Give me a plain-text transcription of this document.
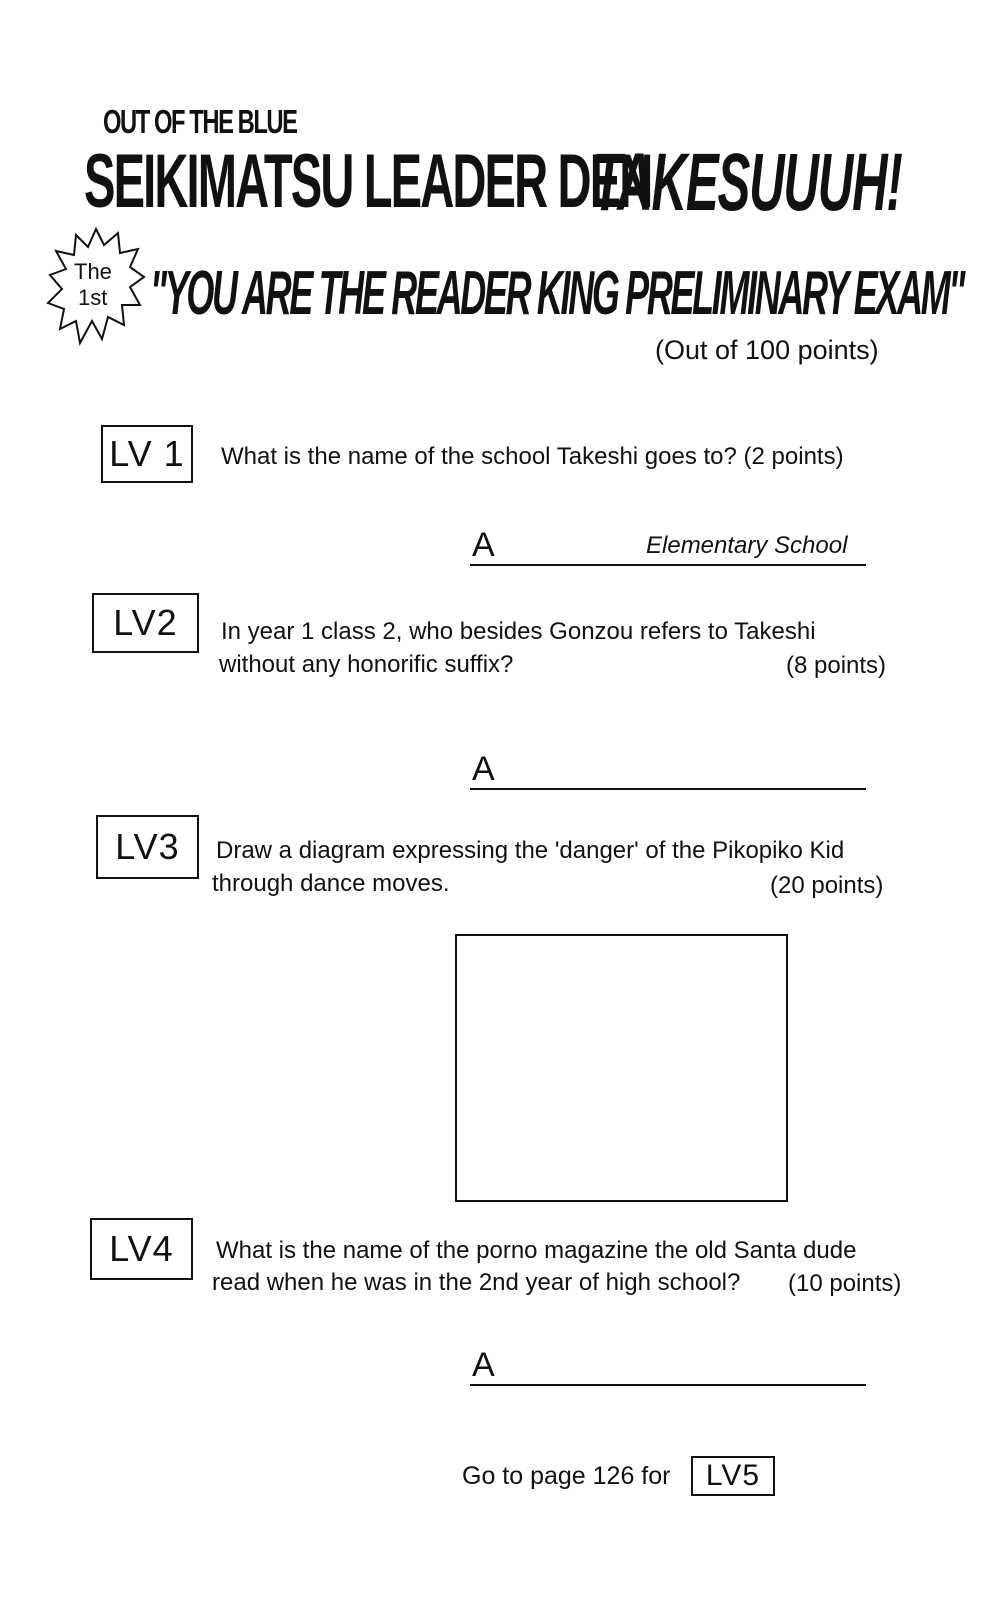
OUT OF THE BLUE
SEIKIMATSU LEADER DEN
TAKESUUUH!
The
1st "YOU ARE THE READER KING PRELIMINARY EXAM"
(Out of 100 points)
LV 1	What is the name of the school Takeshi goes to? (2 points)
A	Elementary School
LV2	In year 1 class 2, who besides Gonzou refers to Takeshi
without any honorific suffix?	(8 points)
A
LV3	Draw a diagram expressing the 'danger' of the Pikopiko Kid
through dance moves.	(20 points)
LV4	What is the name of the porno magazine the old Santa dude
read when he was in the 2nd year of high school? (10 points)
A
Go to page 126 for	LV5
